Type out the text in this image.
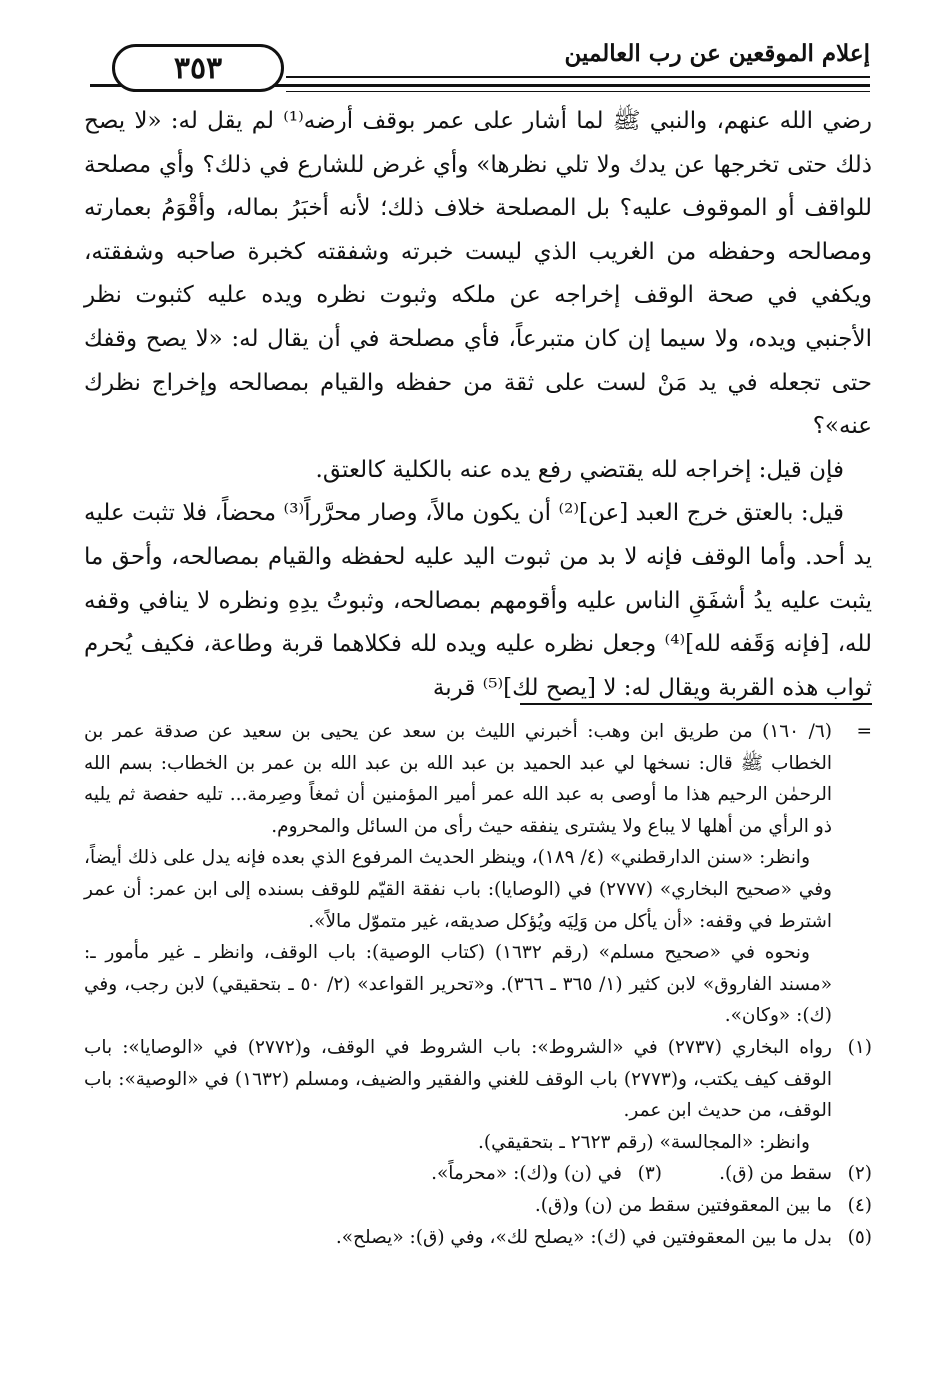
٣٥٣	إعلام الموقعين عن رب العالمين

رضي الله عنهم، والنبي ﷺ لما أشار على عمر بوقف أرضه⁽¹⁾ لم يقل له: «لا يصح ذلك حتى تخرجها عن يدك ولا تلي نظرها» وأي غرض للشارع في ذلك؟ وأي مصلحة للواقف أو الموقوف عليه؟ بل المصلحة خلاف ذلك؛ لأنه أخبَرُ بماله، وأقْوَمُ بعمارته ومصالحه وحفظه من الغريب الذي ليست خبرته وشفقته كخبرة صاحبه وشفقته، ويكفي في صحة الوقف إخراجه عن ملكه وثبوت نظره ويده عليه كثبوت نظر الأجنبي ويده، ولا سيما إن كان متبرعاً، فأي مصلحة في أن يقال له: «لا يصح وقفك حتى تجعله في يد مَنْ لست على ثقة من حفظه والقيام بمصالحه وإخراج نظرك عنه»؟

فإن قيل: إخراجه لله يقتضي رفع يده عنه بالكلية كالعتق.

قيل: بالعتق خرج العبد [عن]⁽²⁾ أن يكون مالاً، وصار محرَّراً⁽³⁾ محضاً، فلا تثبت عليه يد أحد. وأما الوقف فإنه لا بد من ثبوت اليد عليه لحفظه والقيام بمصالحه، وأحق ما يثبت عليه يدُ أشفَقِ الناس عليه وأقومهم بمصالحه، وثبوتُ يدِهِ ونظره لا ينافي وقفه لله، [فإنه وَقَفه لله]⁽⁴⁾ وجعل نظره عليه ويده لله فكلاهما قربة وطاعة، فكيف يُحرم ثواب هذه القربة ويقال له: لا [يصح لك]⁽⁵⁾ قربة

=

(٦/ ١٦٠) من طريق ابن وهب: أخبرني الليث بن سعد عن يحيى بن سعيد عن صدقة عمر بن الخطاب ﷺ قال: نسخها لي عبد الحميد بن عبد الله بن عبد الله بن عمر بن الخطاب: بسم الله الرحمٰن الرحيم هذا ما أوصى به عبد الله عمر أمير المؤمنين أن ثمغاً وصِرمة... تليه حفصة ثم يليه ذو الرأي من أهلها لا يباع ولا يشترى ينفقه حيث رأى من السائل والمحروم.

وانظر: «سنن الدارقطني» (٤/ ١٨٩)، وينظر الحديث المرفوع الذي بعده فإنه يدل على ذلك أيضاً، وفي «صحيح البخاري» (٢٧٧٧) في (الوصايا): باب نفقة القيّم للوقف بسنده إلى ابن عمر: أن عمر اشترط في وقفه: «أن يأكل من وَلِيَه ويُؤكل صديقه، غير متموّل مالاً».

ونحوه في «صحيح مسلم» (رقم ١٦٣٢) (كتاب الوصية): باب الوقف، وانظر ـ غير مأمور ـ: «مسند الفاروق» لابن كثير (١/ ٣٦٥ ـ ٣٦٦). و«تحرير القواعد» (٢/ ٥٠ ـ بتحقيقي) لابن رجب، وفي (ك): «وكان».

(١)

رواه البخاري (٢٧٣٧) في «الشروط»: باب الشروط في الوقف، و(٢٧٧٢) في «الوصايا»: باب الوقف كيف يكتب، و(٢٧٧٣) باب الوقف للغني والفقير والضيف، ومسلم (١٦٣٢) في «الوصية»: باب الوقف، من حديث ابن عمر.

وانظر: «المجالسة» (رقم ٢٦٢٣ ـ بتحقيقي).

(٢)
سقط من (ق).
(٣)
في (ن) و(ك): «محرماً».
(٤)
ما بين المعقوفتين سقط من (ن) و(ق).
(٥)
بدل ما بين المعقوفتين في (ك): «يصلح لك»، وفي (ق): «يصلح».
